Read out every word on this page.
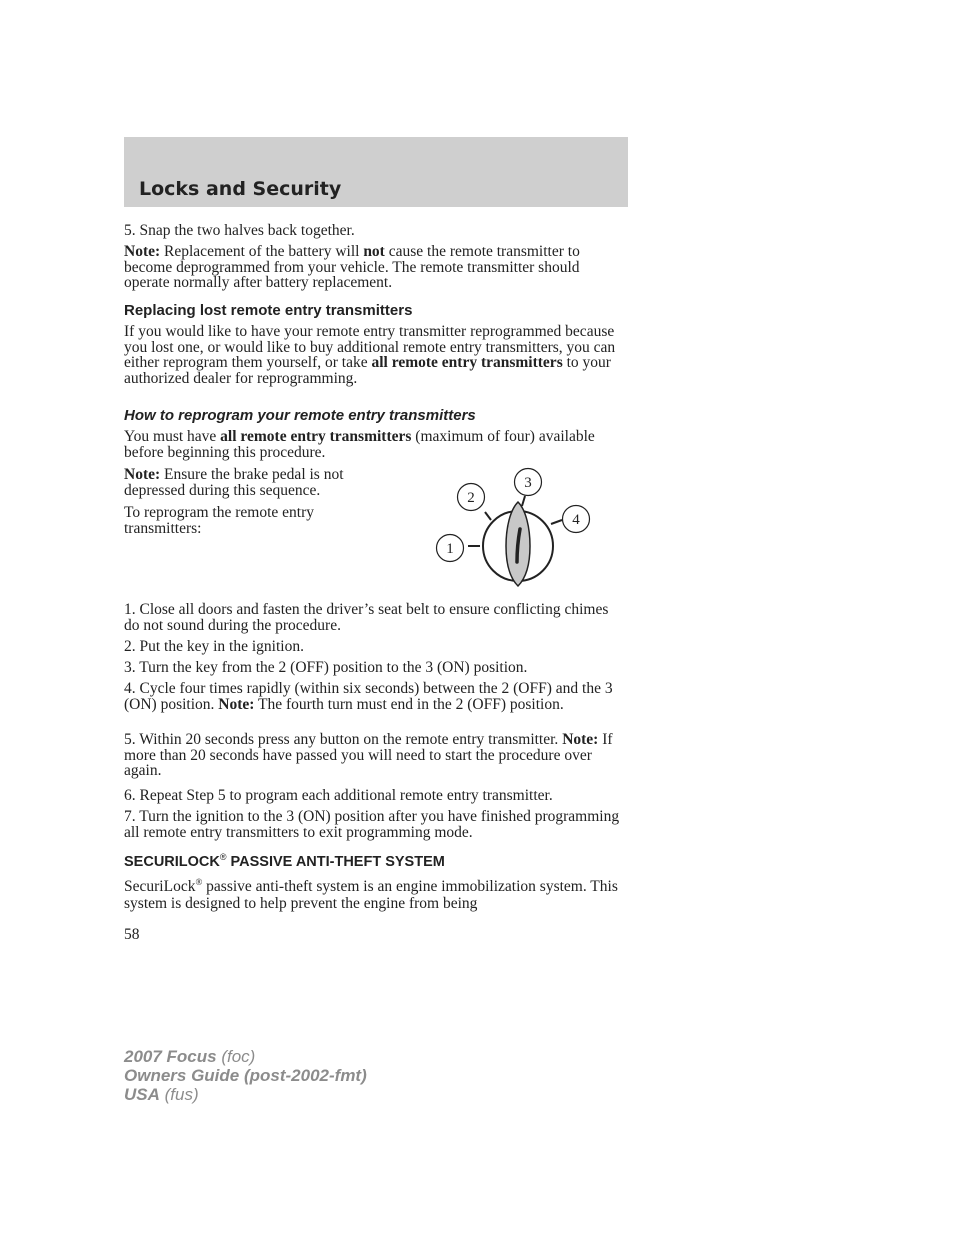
Locks and Security

5. Snap the two halves back together.

Note: Replacement of the battery will not cause the remote transmitter to become deprogrammed from your vehicle. The remote transmitter should operate normally after battery replacement.

Replacing lost remote entry transmitters

If you would like to have your remote entry transmitter reprogrammed because you lost one, or would like to buy additional remote entry transmitters, you can either reprogram them yourself, or take all remote entry transmitters to your authorized dealer for reprogramming.

How to reprogram your remote entry transmitters

You must have all remote entry transmitters (maximum of four) available before beginning this procedure.

Note: Ensure the brake pedal is not depressed during this sequence.

To reprogram the remote entry transmitters:

1
2
3
4

1. Close all doors and fasten the driver’s seat belt to ensure conflicting chimes do not sound during the procedure.

2. Put the key in the ignition.

3. Turn the key from the 2 (OFF) position to the 3 (ON) position.

4. Cycle four times rapidly (within six seconds) between the 2 (OFF) and the 3 (ON) position. Note: The fourth turn must end in the 2 (OFF) position.

5. Within 20 seconds press any button on the remote entry transmitter. Note: If more than 20 seconds have passed you will need to start the procedure over again.

6. Repeat Step 5 to program each additional remote entry transmitter.

7. Turn the ignition to the 3 (ON) position after you have finished programming all remote entry transmitters to exit programming mode.

SECURILOCK® PASSIVE ANTI-THEFT SYSTEM

SecuriLock® passive anti-theft system is an engine immobilization system. This system is designed to help prevent the engine from being

58
2007 Focus (foc)
Owners Guide (post-2002-fmt)
USA (fus)
